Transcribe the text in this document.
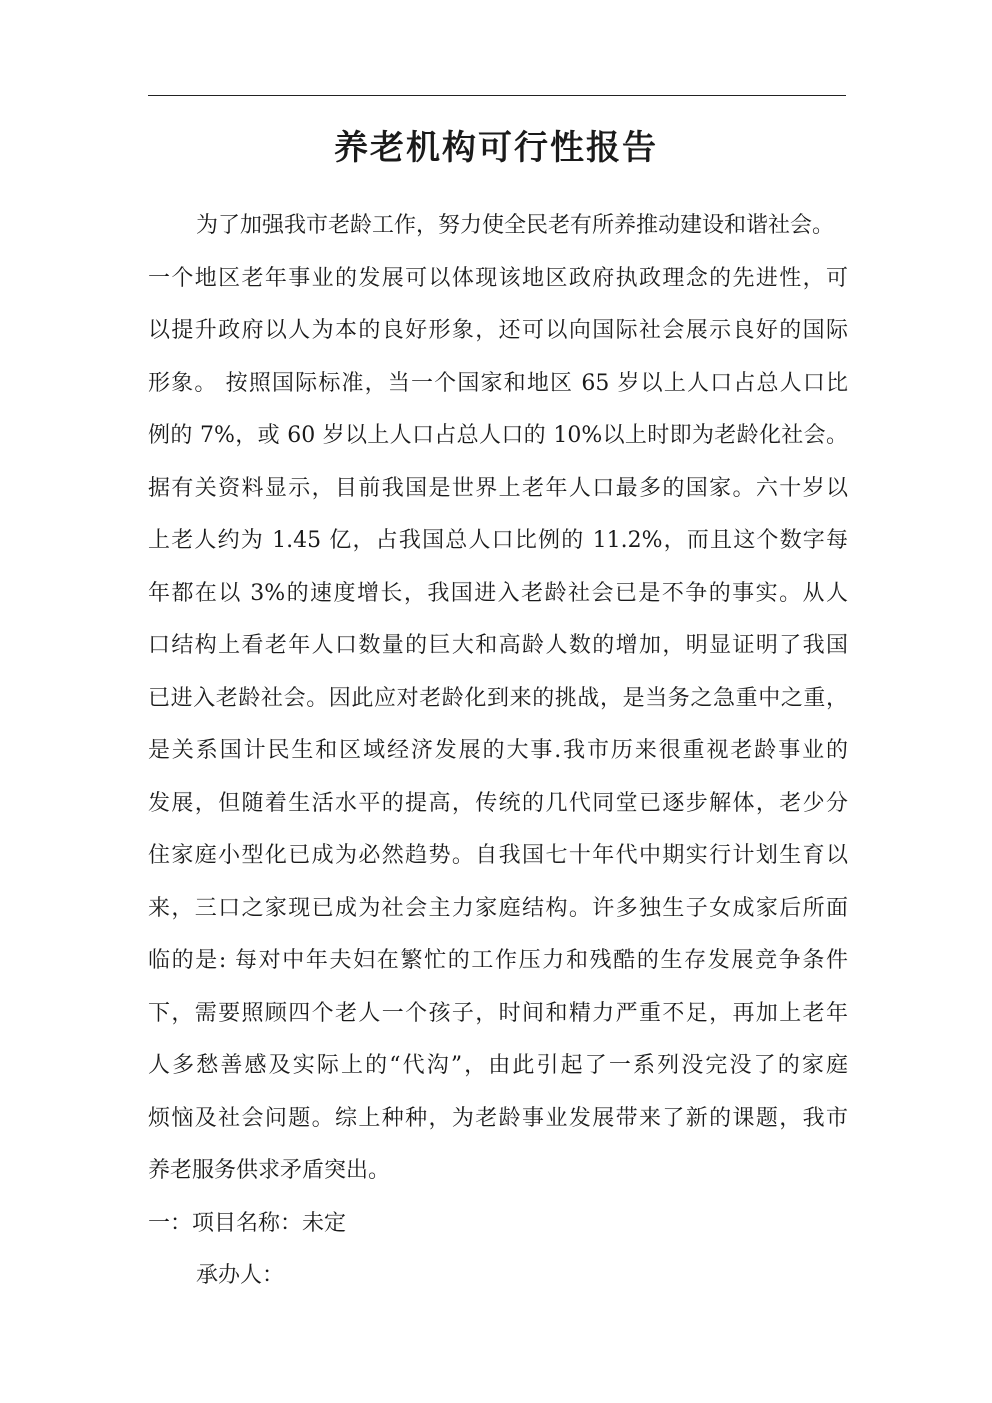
养老机构可行性报告
为了加强我市老龄工作，努力使全民老有所养推动建设和谐社会。
一个地区老年事业的发展可以体现该地区政府执政理念的先进性，可
以提升政府以人为本的良好形象，还可以向国际社会展示良好的国际
形象。 按照国际标准，当一个国家和地区 65 岁以上人口占总人口比
例的 7%，或 60 岁以上人口占总人口的 10%以上时即为老龄化社会。
据有关资料显示，目前我国是世界上老年人口最多的国家。六十岁以
上老人约为 1.45 亿，占我国总人口比例的 11.2%，而且这个数字每
年都在以 3%的速度增长，我国进入老龄社会已是不争的事实。从人
口结构上看老年人口数量的巨大和高龄人数的增加，明显证明了我国
已进入老龄社会。因此应对老龄化到来的挑战，是当务之急重中之重，
是关系国计民生和区域经济发展的大事.我市历来很重视老龄事业的
发展，但随着生活水平的提高，传统的几代同堂已逐步解体，老少分
住家庭小型化已成为必然趋势。自我国七十年代中期实行计划生育以
来，三口之家现已成为社会主力家庭结构。许多独生子女成家后所面
临的是: 每对中年夫妇在繁忙的工作压力和残酷的生存发展竞争条件
下，需要照顾四个老人一个孩子，时间和精力严重不足，再加上老年
人多愁善感及实际上的“代沟”，由此引起了一系列没完没了的家庭
烦恼及社会问题。综上种种，为老龄事业发展带来了新的课题，我市
养老服务供求矛盾突出。
一：项目名称：未定
承办人：
